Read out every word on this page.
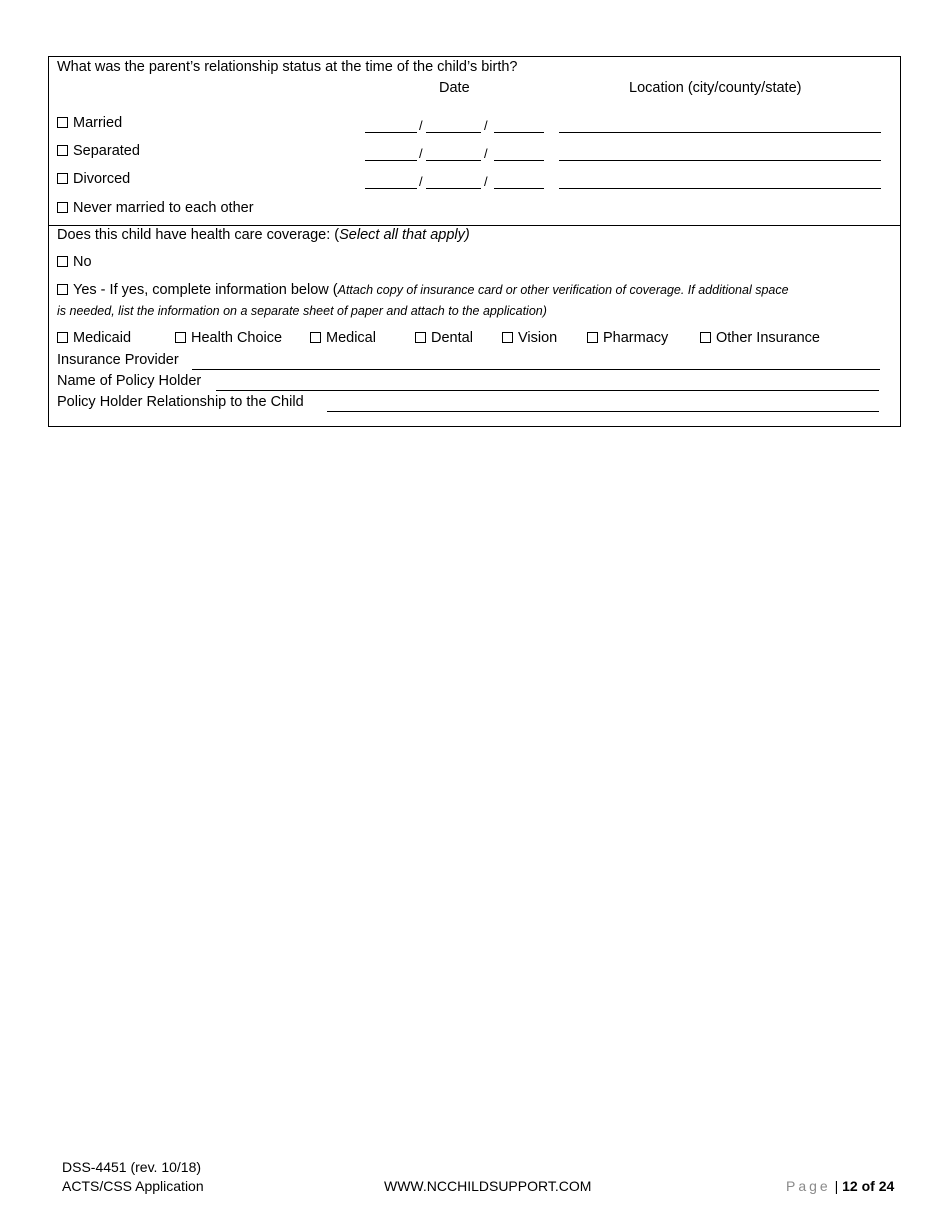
What was the parent’s relationship status at the time of the child’s birth?
Date	Location (city/county/state)
Married	/	/
Separated	/	/
Divorced	/	/
Never married to each other
Does this child have health care coverage: (Select all that apply)
No
Yes - If yes, complete information below (Attach copy of insurance card or other verification of coverage. If additional space
is needed, list the information on a separate sheet of paper and attach to the application)
Medicaid	Health Choice	Medical	Dental	Vision	Pharmacy	Other Insurance
Insurance Provider
Name of Policy Holder
Policy Holder Relationship to the Child
DSS-4451 (rev. 10/18)
ACTS/CSS Application	WWW.NCCHILDSUPPORT.COM	Page | 12 of 24
